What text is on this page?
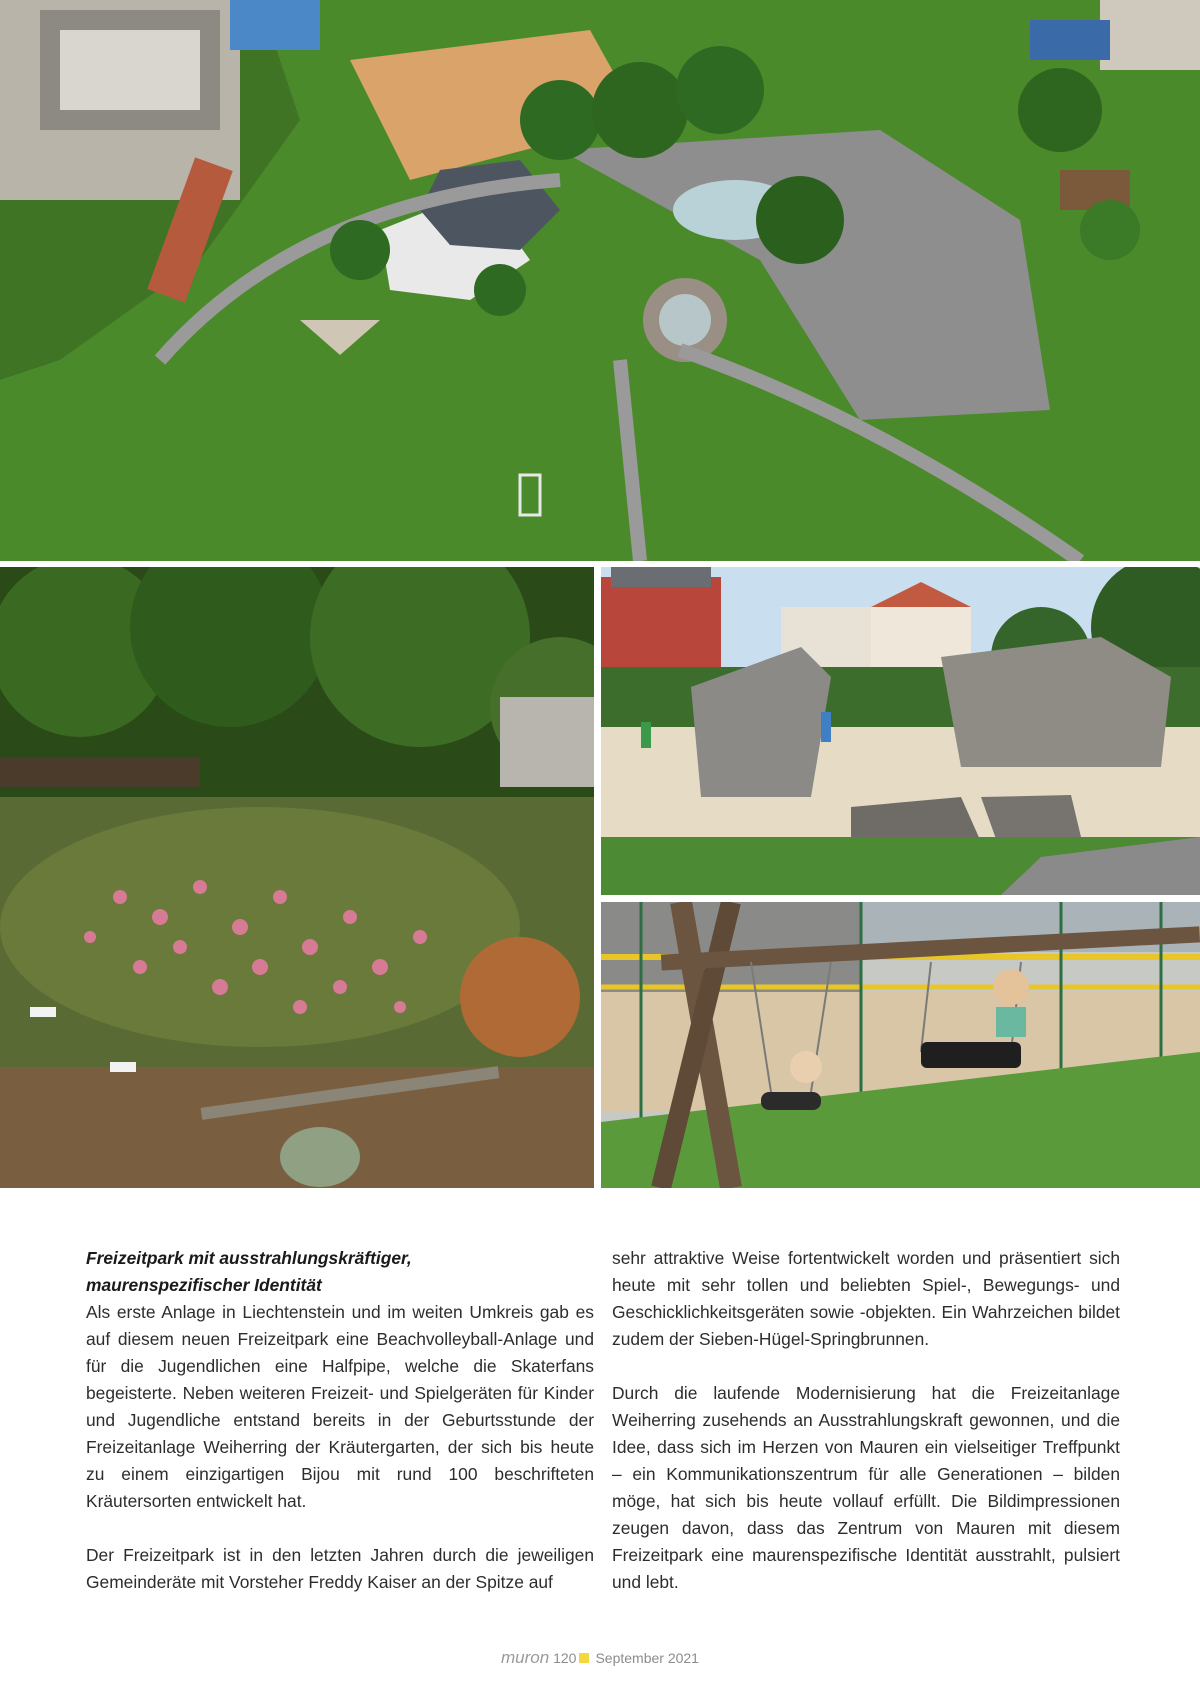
Freizeitpark mit ausstrahlungskräftiger,
maurenspezifischer Identität

Als erste Anlage in Liechtenstein und im weiten Umkreis gab es auf diesem neuen Freizeitpark eine Beachvolleyball-Anlage und für die Jugendlichen eine Halfpipe, welche die Skaterfans begeisterte. Neben weiteren Freizeit- und Spielgeräten für Kinder und Jugendliche entstand bereits in der Geburtsstunde der Freizeitanlage Weiherring der Kräutergarten, der sich bis heute zu einem einzigartigen Bijou mit rund 100 beschrifteten Kräutersorten entwickelt hat.

Der Freizeitpark ist in den letzten Jahren durch die jeweiligen Gemeinderäte mit Vorsteher Freddy Kaiser an der Spitze auf

sehr attraktive Weise fortentwickelt worden und präsentiert sich heute mit sehr tollen und beliebten Spiel-, Bewegungs- und Geschicklichkeitsgeräten sowie -objekten. Ein Wahrzeichen bildet zudem der Sieben-Hügel-Springbrunnen.

Durch die laufende Modernisierung hat die Freizeitanlage Weiherring zusehends an Ausstrahlungskraft gewonnen, und die Idee, dass sich im Herzen von Mauren ein vielseitiger Treffpunkt – ein Kommunikationszentrum für alle Generationen – bilden möge, hat sich bis heute vollauf erfüllt. Die Bildimpressionen zeugen davon, dass das Zentrum von Mauren mit diesem Freizeitpark eine maurenspezifische Identität ausstrahlt, pulsiert und lebt.

muron 120 September 2021
